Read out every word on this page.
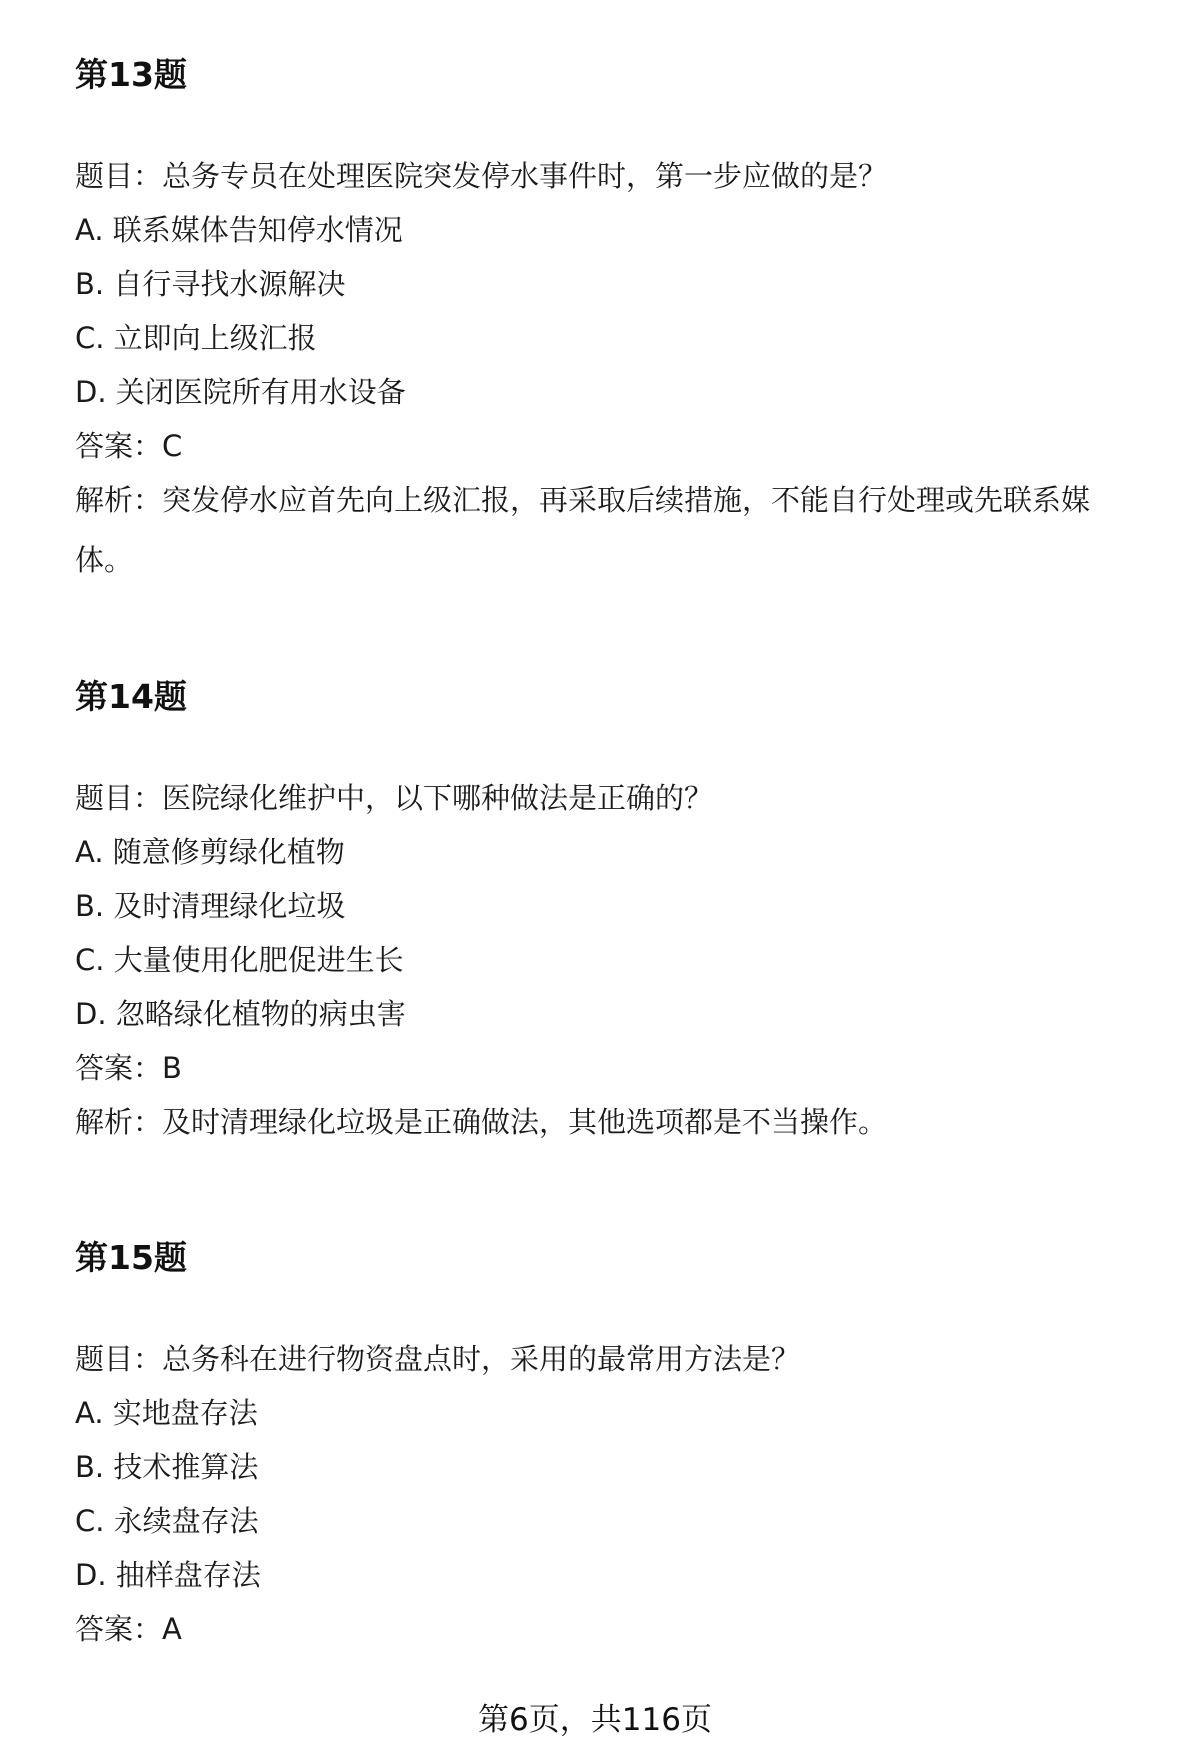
第13题
题目：总务专员在处理医院突发停水事件时，第一步应做的是？
A. 联系媒体告知停水情况
B. 自行寻找水源解决
C. 立即向上级汇报
D. 关闭医院所有用水设备
答案：C
解析：突发停水应首先向上级汇报，再采取后续措施，不能自行处理或先联系媒体。
第14题
题目：医院绿化维护中，以下哪种做法是正确的？
A. 随意修剪绿化植物
B. 及时清理绿化垃圾
C. 大量使用化肥促进生长
D. 忽略绿化植物的病虫害
答案：B
解析：及时清理绿化垃圾是正确做法，其他选项都是不当操作。
第15题
题目：总务科在进行物资盘点时，采用的最常用方法是？
A. 实地盘存法
B. 技术推算法
C. 永续盘存法
D. 抽样盘存法
答案：A
第6页，共116页
